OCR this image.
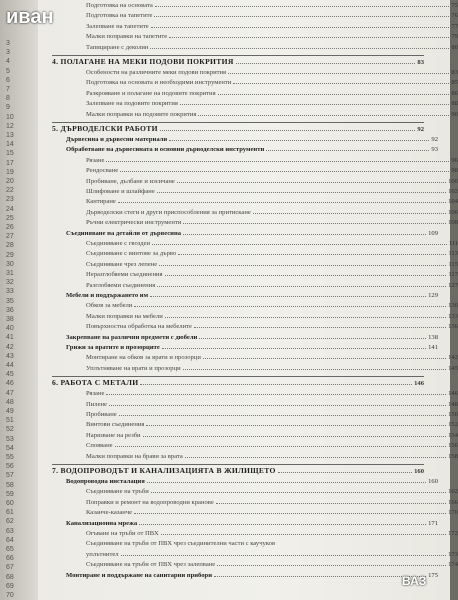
3
3
4
5
6
7
8
9
10
12
13
14
15
17
19
20
22
23
24
25
26
27
28
29
30
31
32
33
35
36
38
40
41
42
43
44
45
46
47
48
49
51
52
53
54
55
56
57
58
59
60
61
62
63
64
65
66
67
68
69
70
Подготовка на основата	75
Подготовка на тапетите	76
Залепване на тапетите	77
Малки поправки на тапетите	79
Тапициране с деколин	80
4. ПОЛАГАНЕ НА МЕКИ ПОДОВИ ПОКРИТИЯ	83
Особености на различните меки подови покрития	83
Подготовка на основата и необходими инструменти	85
Разкрояване и полагане на подовите покрития	86
Залепване на подовите покрития	88
Малки поправки на подовите покрития	90
5. ДЪРВОДЕЛСКИ РАБОТИ	92
Дървесина и дървесни материали	92
Обработване на дървесината и основни дърводелски инструменти	93
Рязане	96
Рендосване	98
Пробиване, дълбане и изсичане	100
Шлифоване и шлайфане	102
Кантиране	104
Дърводелски стеги и други приспособления за притискане	106
Ръчни електрически инструменти	108
Съединяване на детайли от дървесина	109
Съединяване с гвоздеи	111
Съединяване с винтове за дърво	113
Съединяване чрез лепене	115
Неразглобяеми съединения	117
Разглобяеми съединения	127
Мебели и поддържането им	129
Обков за мебели	130
Малки поправки на мебели	133
Повърхностна обработка на мебелите	136
Закрепване на различни предмети с дюбели	138
Грижи за вратите и прозорците	141
Монтиране на обков за врати и прозорци	142
Уплътняване на врати и прозорци	145
6. РАБОТА С МЕТАЛИ	146
Рязане	146
Пилене	148
Пробиване	150
Винтови съединения	152
Нарязване на резби	154
Спояване	156
Малки поправки на брави за врата	158
7. ВОДОПРОВОДЪТ И КАНАЛИЗАЦИЯТА В ЖИЛИЩЕТО	160
Водопроводна инсталация	160
Съединяване на тръби	162
Поправки и ремонт на водопроводни кранове	166
Казанче-казанче	170
Канализационна мрежа	171
Огъване на тръби от ПВХ	172
Съединяване на тръби от ПВХ чрез съединителни части с каучуков
уплътнител	173
Съединяване на тръби от ПВХ чрез залепване	174
Монтиране и поддържане на санитарни прибори	175
иван
ВАЗ
